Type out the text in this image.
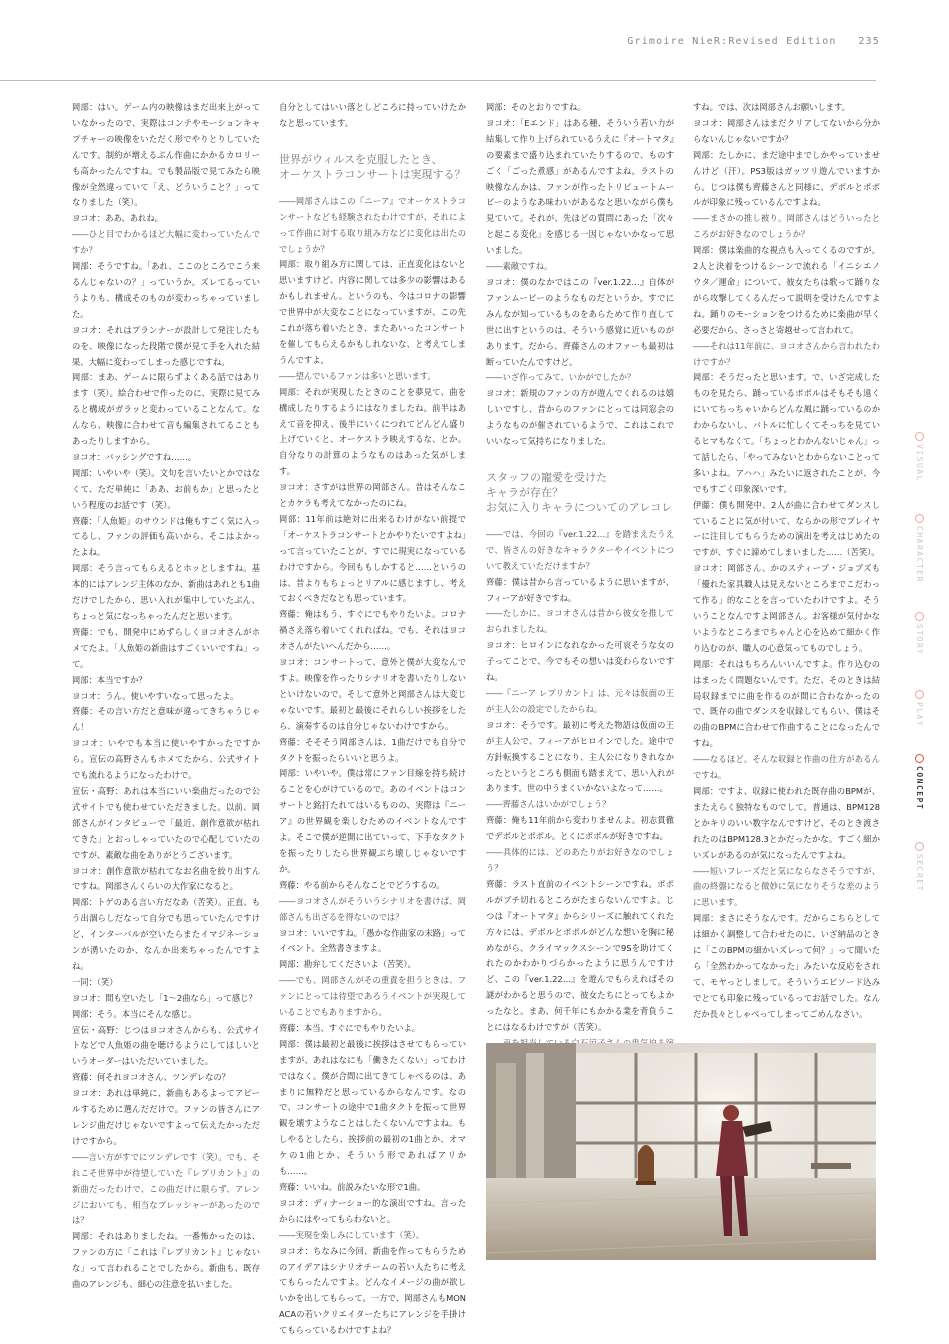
Grimoire NieR:Revised Edition 235

岡部：はい。ゲーム内の映像はまだ出来上がっていなかったので、実際はコンテやモーションキャプチャーの映像をいただく形でやりとりしていたんです。制約が増えるぶん作曲にかかるカロリーも高かったんですね。でも製品版で見てみたら映像が全然違っていて「え、どういうこと？」ってなりました（笑）。

ヨコオ：ああ、あれね。

――ひと目でわかるほど大幅に変わっていたんですか？

岡部：そうですね。「あれ、ここのところでこう来るんじゃないの？」っていうか。ズレてるっていうよりも、構成そのものが変わっちゃっていました。

ヨコオ：それはプランナーが設計して発注したものを、映像になった段階で僕が見て手を入れた結果、大幅に変わってしまった感じですね。

岡部：まあ、ゲームに限らずよくある話ではあります（笑）。絵合わせで作ったのに、実際に見てみると構成がガラッと変わっていることなんて。なんなら、映像に合わせて音も編集されてることもあったりしますから。

ヨコオ：バッシングですね……。

岡部：いやいや（笑）。文句を言いたいとかではなくて、ただ単純に「ああ、お前もか」と思ったという程度のお話です（笑）。

齊藤：「人魚姫」のサウンドは俺もすごく気に入ってるし、ファンの評価も高いから、そこはよかったよね。

岡部：そう言ってもらえるとホッとしますね。基本的にはアレンジ主体のなか、新曲はあれとも1曲だけでしたから、思い入れが集中していたぶん、ちょっと気になっちゃったんだと思います。

齊藤：でも、開発中にめずらしくヨコオさんがホメてたよ。「人魚姫の新曲はすごくいいですね」って。

岡部：本当ですか？

ヨコオ：うん。使いやすいなって思ったよ。

齊藤：その言い方だと意味が違ってきちゃうじゃん！

ヨコオ：いやでも本当に使いやすかったですから。宣伝の高野さんもホメてたから、公式サイトでも流れるようになったわけで。

宣伝・高野：あれは本当にいい楽曲だったので公式サイトでも使わせていただきました。以前、岡部さんがインタビューで「最近、創作意欲が枯れてきた」とおっしゃっていたので心配していたのですが、素敵な曲をありがとうございます。

ヨコオ：創作意欲が枯れてなお名曲を絞り出すんですね。岡部さんくらいの大作家になると。

岡部：トゲのある言い方だなあ（苦笑）。正直、もう出涸らしだなって自分でも思っていたんですけど、インターバルが空いたらまたイマジネーションが湧いたのか、なんか出来ちゃったんですよね。

一同：（笑）

ヨコオ：間も空いたし「1〜2曲なら」って感じ？

岡部：そう。本当にそんな感じ。

宣伝・高野：じつはヨコオさんからも、公式サイトなどで人魚姫の曲を聴けるようにしてほしいというオーダーはいただいていました。

齊藤：何それヨコオさん、ツンデレなの？

ヨコオ：あれは単純に、新曲もあるよってアピールするために選んだだけで。ファンの皆さんにアレンジ曲だけじゃないですよって伝えたかっただけですから。

――言い方がすでにツンデレです（笑）。でも、それこそ世界中が待望していた『レプリカント』の新曲だったわけで、この曲だけに限らず、アレンジにおいても、相当なプレッシャーがあったのでは？

岡部：それはありましたね。一番怖かったのは、ファンの方に「これは『レプリカント』じゃないな」って言われることでしたから。新曲も、既存曲のアレンジも、細心の注意を払いました。

自分としてはいい落としどころに持っていけたかなと思っています。

世界がウィルスを克服したとき、
オーケストラコンサートは実現する？

――岡部さんはこの『ニーア』でオーケストラコンサートなども経験されたわけですが、それによって作曲に対する取り組み方などに変化は出たのでしょうか？

岡部：取り組み方に関しては、正直変化はないと思いますけど、内容に関しては多少の影響はあるかもしれません。というのも、今はコロナの影響で世界中が大変なことになっていますが、この先これが落ち着いたとき、またあいったコンサートを催してもらえるかもしれないな、と考えてしまうんですよ。

――望んでいるファンは多いと思います。

岡部：それが実現したときのことを夢見て、曲を構成したりするようにはなりましたね。前半はあえて音を抑え、後半にいくにつれてどんどん盛り上げていくと、オーケストラ映えするな、とか。自分なりの計算のようなものはあった気がします。

ヨコオ：さすがは世界の岡部さん。昔はそんなことカケラも考えてなかったのにね。

岡部：11年前は絶対に出来るわけがない前提で「オーケストラコンサートとかやりたいですよね」って言っていたことが、すでに現実になっているわけですから。今回ももしかすると……というのは、昔よりもちょっとリアルに感じますし、考えておくべきだなとも思っています。

齊藤：俺はもう、すぐにでもやりたいよ。コロナ禍さえ落ち着いてくれればね。でも、それはヨコオさんがたいへんだから……。

ヨコオ：コンサートって、意外と僕が大変なんですよ。映像を作ったりシナリオを書いたりしないといけないので。そして意外と岡部さんは大変じゃないです。最初と最後にそれらしい挨拶をしたら、演奏するのは自分じゃないわけですから。

齊藤：そそそう岡部さんは、1曲だけでも自分でタクトを振ったらいいと思うよ。

岡部：いやいや。僕は常にファン目線を持ち続けることを心がけているので。あのイベントはコンサートと銘打たれてはいるものの、実際は『ニーア』の世界観を楽しむためのイベントなんですよ。そこで僕が逆開に出ていって、下手なタクトを振ったりしたら世界観ぶち壊しじゃないですか。

齊藤：やる前からそんなことでどうするの。

――ヨコオさんがそういうシナリオを書けば、岡部さんも出ざるを得ないのでは？

ヨコオ：いいですね。「愚かな作曲家の末路」ってイベント。全然書きますよ。

岡部：勘弁してくださいよ（苦笑）。

――でも、岡部さんがその重責を担うときは、ファンにとっては待望であろうイベントが実現していることでもありますから。

齊藤：本当、すぐにでもやりたいよ。

岡部：僕は最初と最後に挨拶はさせてもらっていますが、あれはなにも「働きたくない」ってわけではなく。僕が合間に出てきてしゃべるのは、あまりに無粋だと思っているからなんです。なので、コンサートの途中で1曲タクトを振って世界観を壊すようなことはしたくないんですよね。もしやるとしたら、挨拶前の最初の1曲とか、オマケの1曲とか、そういう形であればアリかも……。

齊藤：いいね。前説みたいな形で1曲。

ヨコオ：ディナーショー的な演出ですね。言ったからにはやってもらわないと。

――実現を楽しみにしています（笑）。

ヨコオ：ちなみに今回、新曲を作ってもらうためのアイデアはシナリオチームの若い人たちに考えてもらったんですよ。どんなイメージの曲が欲しいかを出してもらって。一方で、岡部さんもMONACAの若いクリエイターたちにアレンジを手掛けてもらっているわけですよね？

岡部：そのとおりですね。

ヨコオ：「Eエンド」はある種、そういう若い力が結集して作り上げられているうえに『オートマタ』の要素まで盛り込まれていたりするので、ものすごく「ごった煮感」があるんですよね。ラストの映像なんかは、ファンが作ったトリビュートムービーのようなあ味わいがあるなと思いながら僕も見ていて。それが、先ほどの質問にあった「次々と起こる変化」を感じる一因じゃないかなって思いました。

――素敵ですね。

ヨコオ：僕のなかではこの『ver.1.22…』自体がファンムービーのようなものだというか。すでにみんなが知っているものをあらためて作り直して世に出すというのは、そういう感覚に近いものがあります。だから、齊藤さんのオファーも最初は断っていたんですけど。

――いざ作ってみて、いかがでしたか？

ヨコオ：新規のファンの方が遊んでくれるのは嬉しいですし、昔からのファンにとっては同窓会のようなものが催されているようで、これはこれでいいなって気持ちになりました。

スタッフの寵愛を受けた
キャラが存在？
お気に入りキャラについてのアレコレ

――では、今回の『ver.1.22…』を踏まえたうえで、皆さんの好きなキャラクターやイベントについて教えていただけますか？

齊藤：僕は昔から言っているように思いますが、フィーアが好きですね。

――たしかに、ヨコオさんは昔から彼女を推しておられましたね。

ヨコオ：ヒロインになれなかった可哀そうな女の子ってことで、今でもその想いは変わらないですね。

――『ニーア レプリカント』は、元々は仮面の王が主人公の設定でしたからね。

ヨコオ：そうです。最初に考えた物語は仮面の王が主人公で、フィーアがヒロインでした。途中で方針転換することになり、主人公になりきれなかったというところも側面も踏まえて、思い入れがあります。世の中うまくいかないよなって……。

――齊藤さんはいかがでしょう？

齊藤：俺も11年前から変わりませんよ。初志貫徹でデボルとポポル。とくにポポルが好きですね。

――具体的には、どのあたりがお好きなのでしょう？

齊藤：ラスト直前のイベントシーンですね。ポポルがブチ切れるところがたまらないんですよ。じつは『オートマタ』からシリーズに触れてくれた方々には、デボルとポポルがどんな想いを胸に秘めながら、クライマックスシーンで9Sを助けてくれたのかわかりづらかったように思うんですけど、この『ver.1.22…』を遊んでもらえればその謎がわかると思うので、彼女たちにとってもよかったなと。まあ、何千年にもかかる業を背負うことにはなるわけですが（苦笑）。

すね。では、次は岡部さんお願いします。

ヨコオ：岡部さんはまだクリアしてないから分からないんじゃないですか？

岡部：たしかに、まだ途中までしかやっていませんけど（汗）。PS3版はガッツリ遊んでいますから。じつは僕も齊藤さんと同様に、デボルとポポルが印象に残っているんですよね。

――まさかの推し被り。岡部さんはどういったところがお好きなのでしょうか？

岡部：僕は楽曲的な視点も入ってくるのですが。2人と決着をつけるシーンで流れる「イニシエノウタ／運命」について、彼女たちは歌って踊りながら攻撃してくるんだって説明を受けたんですよね。踊りのモーションをつけるために楽曲が早く必要だから、さっさと寄越せって言われて。

――それは11年前に、ヨコオさんから言われたわけですか？

岡部：そうだったと思います。で、いざ完成したものを見たら、踊っているポポルはそもそも遠くにいてちっちゃいからどんな風に踊っているのかわからないし、バトルに忙しくてそっちを見ているヒマもなくて。「ちょっとわかんないじゃん」って話したら、「やってみないとわからないことって多いよね。アハハ」みたいに返されたことが、今でもすごく印象深いです。

伊藤：僕も開発中、2人が曲に合わせてダンスしていることに気が付いて、ならかの形でプレイヤーに注目してもらうための演出を考えはじめたのですが、すぐに諦めてしまいました……（苦笑）。

ヨコオ：岡部さん、かのスティーブ・ジョブズも「優れた家具職人は見えないところまでこだわって作る」的なことを言っていたわけですよ。そういうことなんですよ岡部さん。お客様が気付かないようなところまでちゃんと心を込めて細かく作り込むのが、職人の心意気ってものでしょう。

岡部：それはもちろんいいんですよ。作り込むのはまったく問題ないんです。ただ、そのときは結局収録までに曲を作るのが間に合わなかったので、既存の曲でダンスを収録してもらい、僕はその曲のBPMに合わせて作曲することになったんですね。

――なるほど。そんな収録と作曲の仕方があるんですね。

岡部：ですよ、収録に使われた既存曲のBPMが、またえらく独特なものでして。普通は、BPM128とかキリのいい数字なんですけど、そのとき渡されたのはBPM128.3とかだったかな。すごく細かいズレがあるのが気になったんですよね。

――短いフレーズだと気にならなさそうですが、曲の終盤になると微妙に気になりそうな差のように思います。

岡部：まさにそうなんです。だからこちらとしては細かく調整して合わせたのに、いざ納品のときに「このBPMの細かいズレって何？」って聞いたら「全然わかってなかった」みたいな反応をされて、モヤっとしまして。そういうエピソード込みでとても印象に残っているってお話でした。なんだか長々としゃべってしまってごめんなさい。

VISUAL
CHARACTER
STORY
PLAY
CONCEPT
SECRET
